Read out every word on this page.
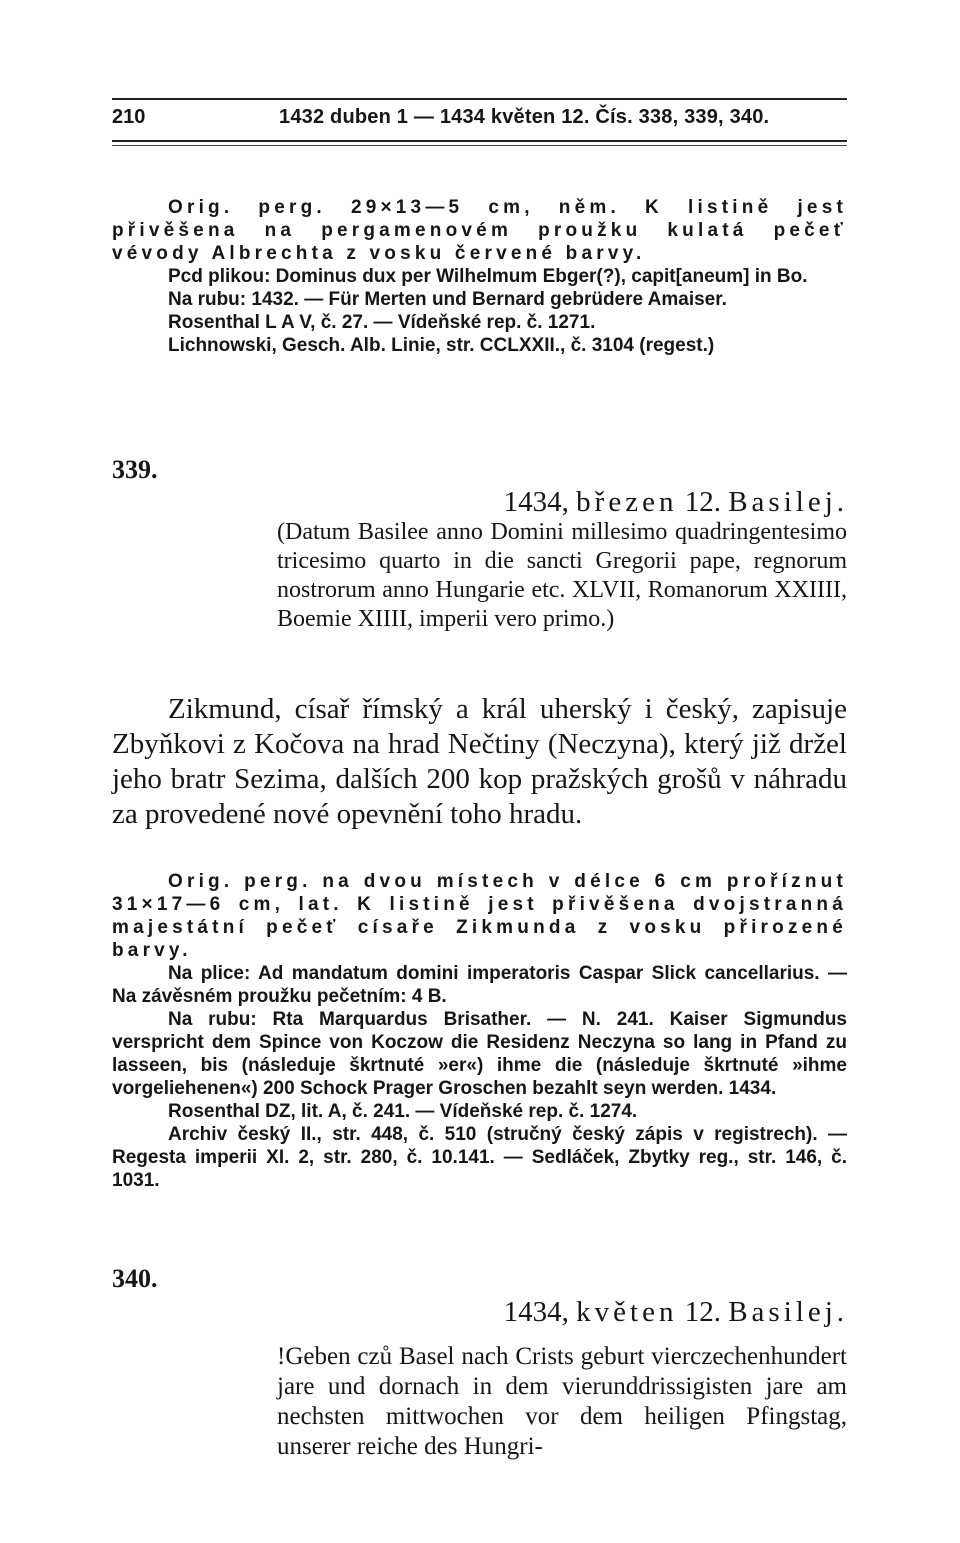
210	1432 duben 1 — 1434 květen 12. Čís. 338, 339, 340.

Orig. perg. 29×13—5 cm, něm. K listině jest přivěšena na pergamenovém proužku kulatá pečeť vévody Albrechta z vosku červené barvy.

Pcd plikou: Dominus dux per Wilhelmum Ebger(?), capit[aneum] in Bo.

Na rubu: 1432. — Für Merten und Bernard gebrüdere Amaiser.

Rosenthal L A V, č. 27. — Vídeňské rep. č. 1271.

Lichnowski, Gesch. Alb. Linie, str. CCLXXII., č. 3104 (regest.)

339.
1434, březen 12. Basilej.

(Datum Basilee anno Domini millesimo quadringentesimo tricesimo quarto in die sancti Gregorii pape, regnorum nostrorum anno Hungarie etc. XLVII, Romanorum XXIIII, Boemie XIIII, imperii vero primo.)

Zikmund, císař římský a král uherský i český, zapisuje Zbyňkovi z Kočova na hrad Nečtiny (Neczyna), který již držel jeho bratr Sezima, dalších 200 kop pražských grošů v náhradu za provedené nové opevnění toho hradu.

Orig. perg. na dvou místech v délce 6 cm proříznut 31×17—6 cm, lat. K listině jest přivěšena dvojstranná majestátní pečeť císaře Zikmunda z vosku přirozené barvy.

Na plice: Ad mandatum domini imperatoris Caspar Slick cancellarius. — Na závěsném proužku pečetním: 4 B.

Na rubu: Rta Marquardus Brisather. — N. 241. Kaiser Sigmundus verspricht dem Spince von Koczow die Residenz Neczyna so lang in Pfand zu lasseen, bis (následuje škrtnuté »er«) ihme die (následuje škrtnuté »ihme vorgeliehenen«) 200 Schock Prager Groschen bezahlt seyn werden. 1434.

Rosenthal DZ, lit. A, č. 241. — Vídeňské rep. č. 1274.

Archiv český II., str. 448, č. 510 (stručný český zápis v registrech). — Regesta imperii XI. 2, str. 280, č. 10.141. — Sedláček, Zbytky reg., str. 146, č. 1031.

340.
1434, květen 12. Basilej.

!Geben czů Basel nach Crists geburt vierczechenhundert jare und dornach in dem vierunddrissigisten jare am nechsten mittwochen vor dem heiligen Pfingstag, unserer reiche des Hungri-
